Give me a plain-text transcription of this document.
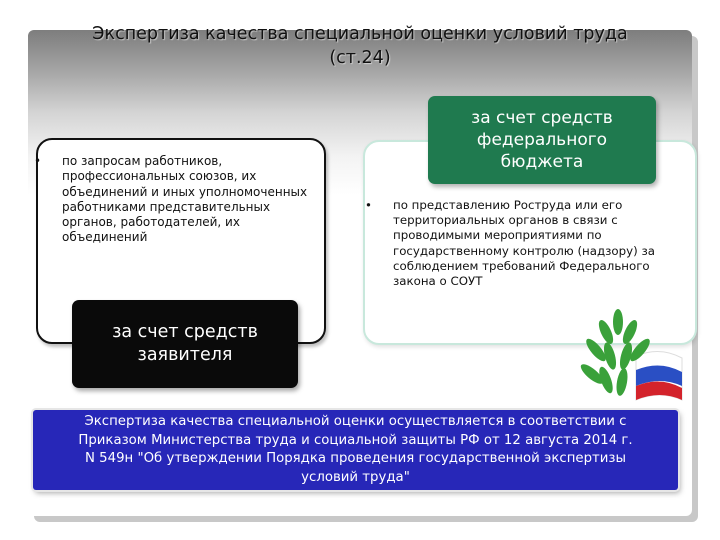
Экспертиза качества специальной оценки условий труда
(ст.24)
• по запросам работников, профессиональных союзов, их объединений и иных уполномоченных работниками представительных органов, работодателей, их объединений
• по представлению Роструда или его территориальных органов в связи с проводимыми мероприятиями по государственному контролю (надзору) за соблюдением требований Федерального закона о СОУТ
за счет средств
заявителя
за счет средств
федерального
бюджета
Экспертиза качества специальной оценки осуществляется в соответствии с
Приказом Министерства труда и социальной защиты РФ от 12 августа 2014 г.
N 549н "Об утверждении Порядка проведения государственной экспертизы
условий труда"
